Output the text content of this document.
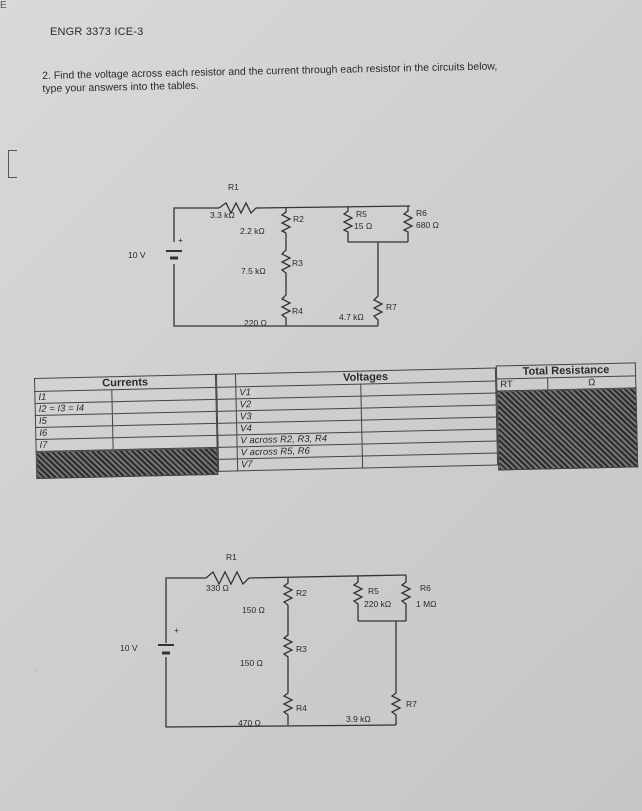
E
ENGR 3373 ICE-3
2. Find the voltage across each resistor and the current through each resistor in the circuits below,
type your answers into the tables.
’
+
10 V
R1
3.3 kΩ	R2
2.2 kΩ
R3
7.5 kΩ
R4
220 Ω
R5
15 Ω
R6
680 Ω
R7
4.7 kΩ
Currents	
I1	
I2 = I3 = I4	
I5	
I6	
I7	

	Voltages	
	V1	
	V2	
	V3	
	V4	
	V across R2, R3, R4	
	V across R5, R6	
	V7	
Total Resistance
RT	Ω

+
10 V
R1
330 Ω	R2
150 Ω
R3
150 Ω
R4
470 Ω
R5
220 kΩ
R6
1 MΩ
R7
3.9 kΩ
